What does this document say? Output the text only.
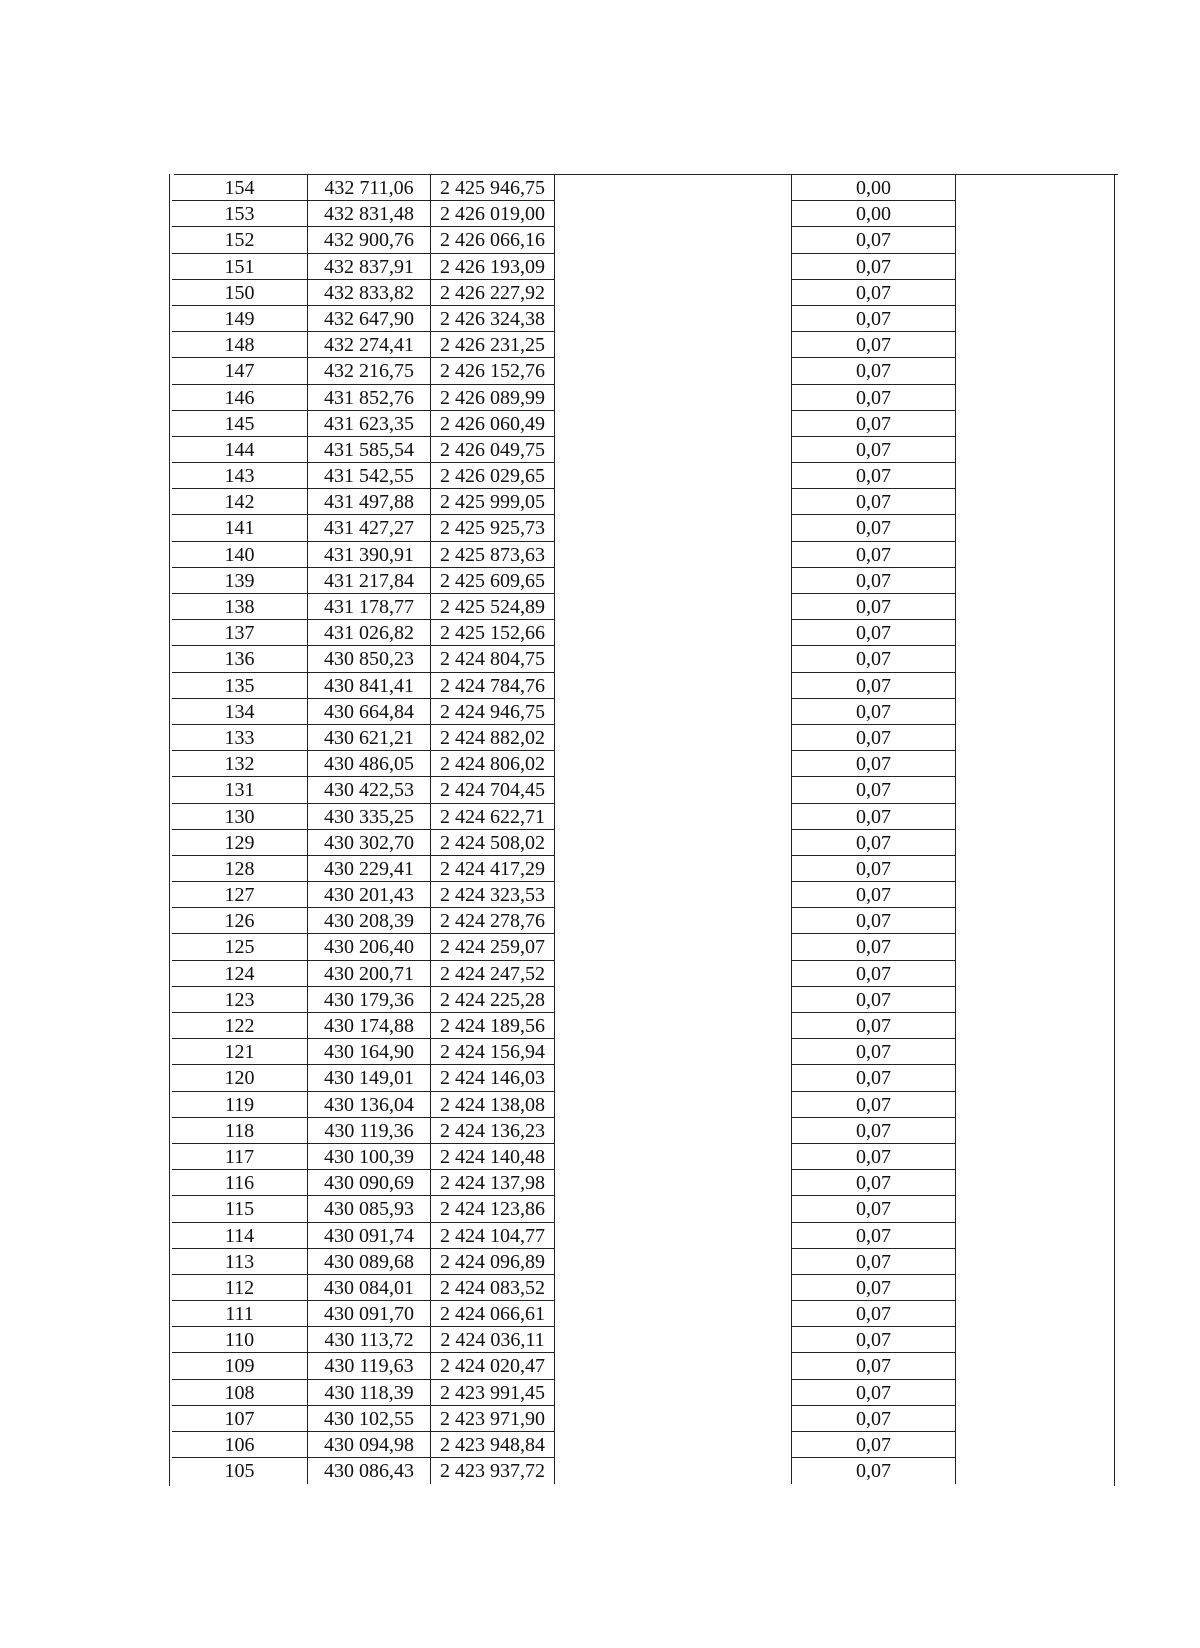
154	432 711,06	2 425 946,75	0,00
153	432 831,48	2 426 019,00	0,00
152	432 900,76	2 426 066,16	0,07
151	432 837,91	2 426 193,09	0,07
150	432 833,82	2 426 227,92	0,07
149	432 647,90	2 426 324,38	0,07
148	432 274,41	2 426 231,25	0,07
147	432 216,75	2 426 152,76	0,07
146	431 852,76	2 426 089,99	0,07
145	431 623,35	2 426 060,49	0,07
144	431 585,54	2 426 049,75	0,07
143	431 542,55	2 426 029,65	0,07
142	431 497,88	2 425 999,05	0,07
141	431 427,27	2 425 925,73	0,07
140	431 390,91	2 425 873,63	0,07
139	431 217,84	2 425 609,65	0,07
138	431 178,77	2 425 524,89	0,07
137	431 026,82	2 425 152,66	0,07
136	430 850,23	2 424 804,75	0,07
135	430 841,41	2 424 784,76	0,07
134	430 664,84	2 424 946,75	0,07
133	430 621,21	2 424 882,02	0,07
132	430 486,05	2 424 806,02	0,07
131	430 422,53	2 424 704,45	0,07
130	430 335,25	2 424 622,71	0,07
129	430 302,70	2 424 508,02	0,07
128	430 229,41	2 424 417,29	0,07
127	430 201,43	2 424 323,53	0,07
126	430 208,39	2 424 278,76	0,07
125	430 206,40	2 424 259,07	0,07
124	430 200,71	2 424 247,52	0,07
123	430 179,36	2 424 225,28	0,07
122	430 174,88	2 424 189,56	0,07
121	430 164,90	2 424 156,94	0,07
120	430 149,01	2 424 146,03	0,07
119	430 136,04	2 424 138,08	0,07
118	430 119,36	2 424 136,23	0,07
117	430 100,39	2 424 140,48	0,07
116	430 090,69	2 424 137,98	0,07
115	430 085,93	2 424 123,86	0,07
114	430 091,74	2 424 104,77	0,07
113	430 089,68	2 424 096,89	0,07
112	430 084,01	2 424 083,52	0,07
111	430 091,70	2 424 066,61	0,07
110	430 113,72	2 424 036,11	0,07
109	430 119,63	2 424 020,47	0,07
108	430 118,39	2 423 991,45	0,07
107	430 102,55	2 423 971,90	0,07
106	430 094,98	2 423 948,84	0,07
105	430 086,43	2 423 937,72	0,07
